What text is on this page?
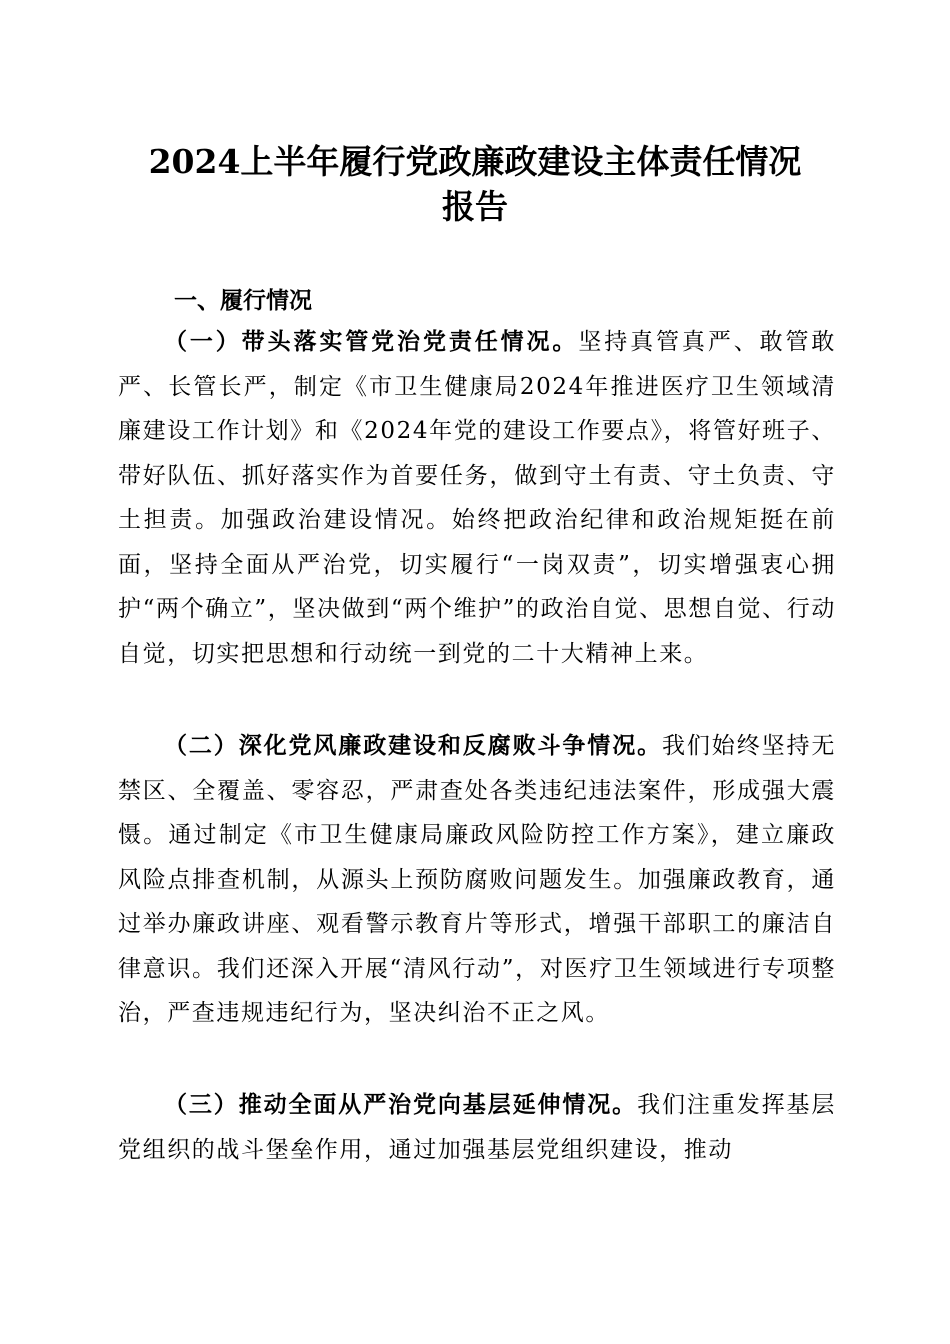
2024上半年履行党政廉政建设主体责任情况
报告
一、履行情况

（一）带头落实管党治党责任情况。坚持真管真严、敢管敢严、长管长严，制定《市卫生健康局2024年推进医疗卫生领域清廉建设工作计划》和《2024年党的建设工作要点》，将管好班子、带好队伍、抓好落实作为首要任务，做到守土有责、守土负责、守土担责。加强政治建设情况。始终把政治纪律和政治规矩挺在前面，坚持全面从严治党，切实履行“一岗双责”，切实增强衷心拥护“两个确立”，坚决做到“两个维护”的政治自觉、思想自觉、行动自觉，切实把思想和行动统一到党的二十大精神上来。

（二）深化党风廉政建设和反腐败斗争情况。我们始终坚持无禁区、全覆盖、零容忍，严肃查处各类违纪违法案件，形成强大震慑。通过制定《市卫生健康局廉政风险防控工作方案》，建立廉政风险点排查机制，从源头上预防腐败问题发生。加强廉政教育，通过举办廉政讲座、观看警示教育片等形式，增强干部职工的廉洁自律意识。我们还深入开展“清风行动”，对医疗卫生领域进行专项整治，严查违规违纪行为，坚决纠治不正之风。

（三）推动全面从严治党向基层延伸情况。我们注重发挥基层党组织的战斗堡垒作用，通过加强基层党组织建设，推动
